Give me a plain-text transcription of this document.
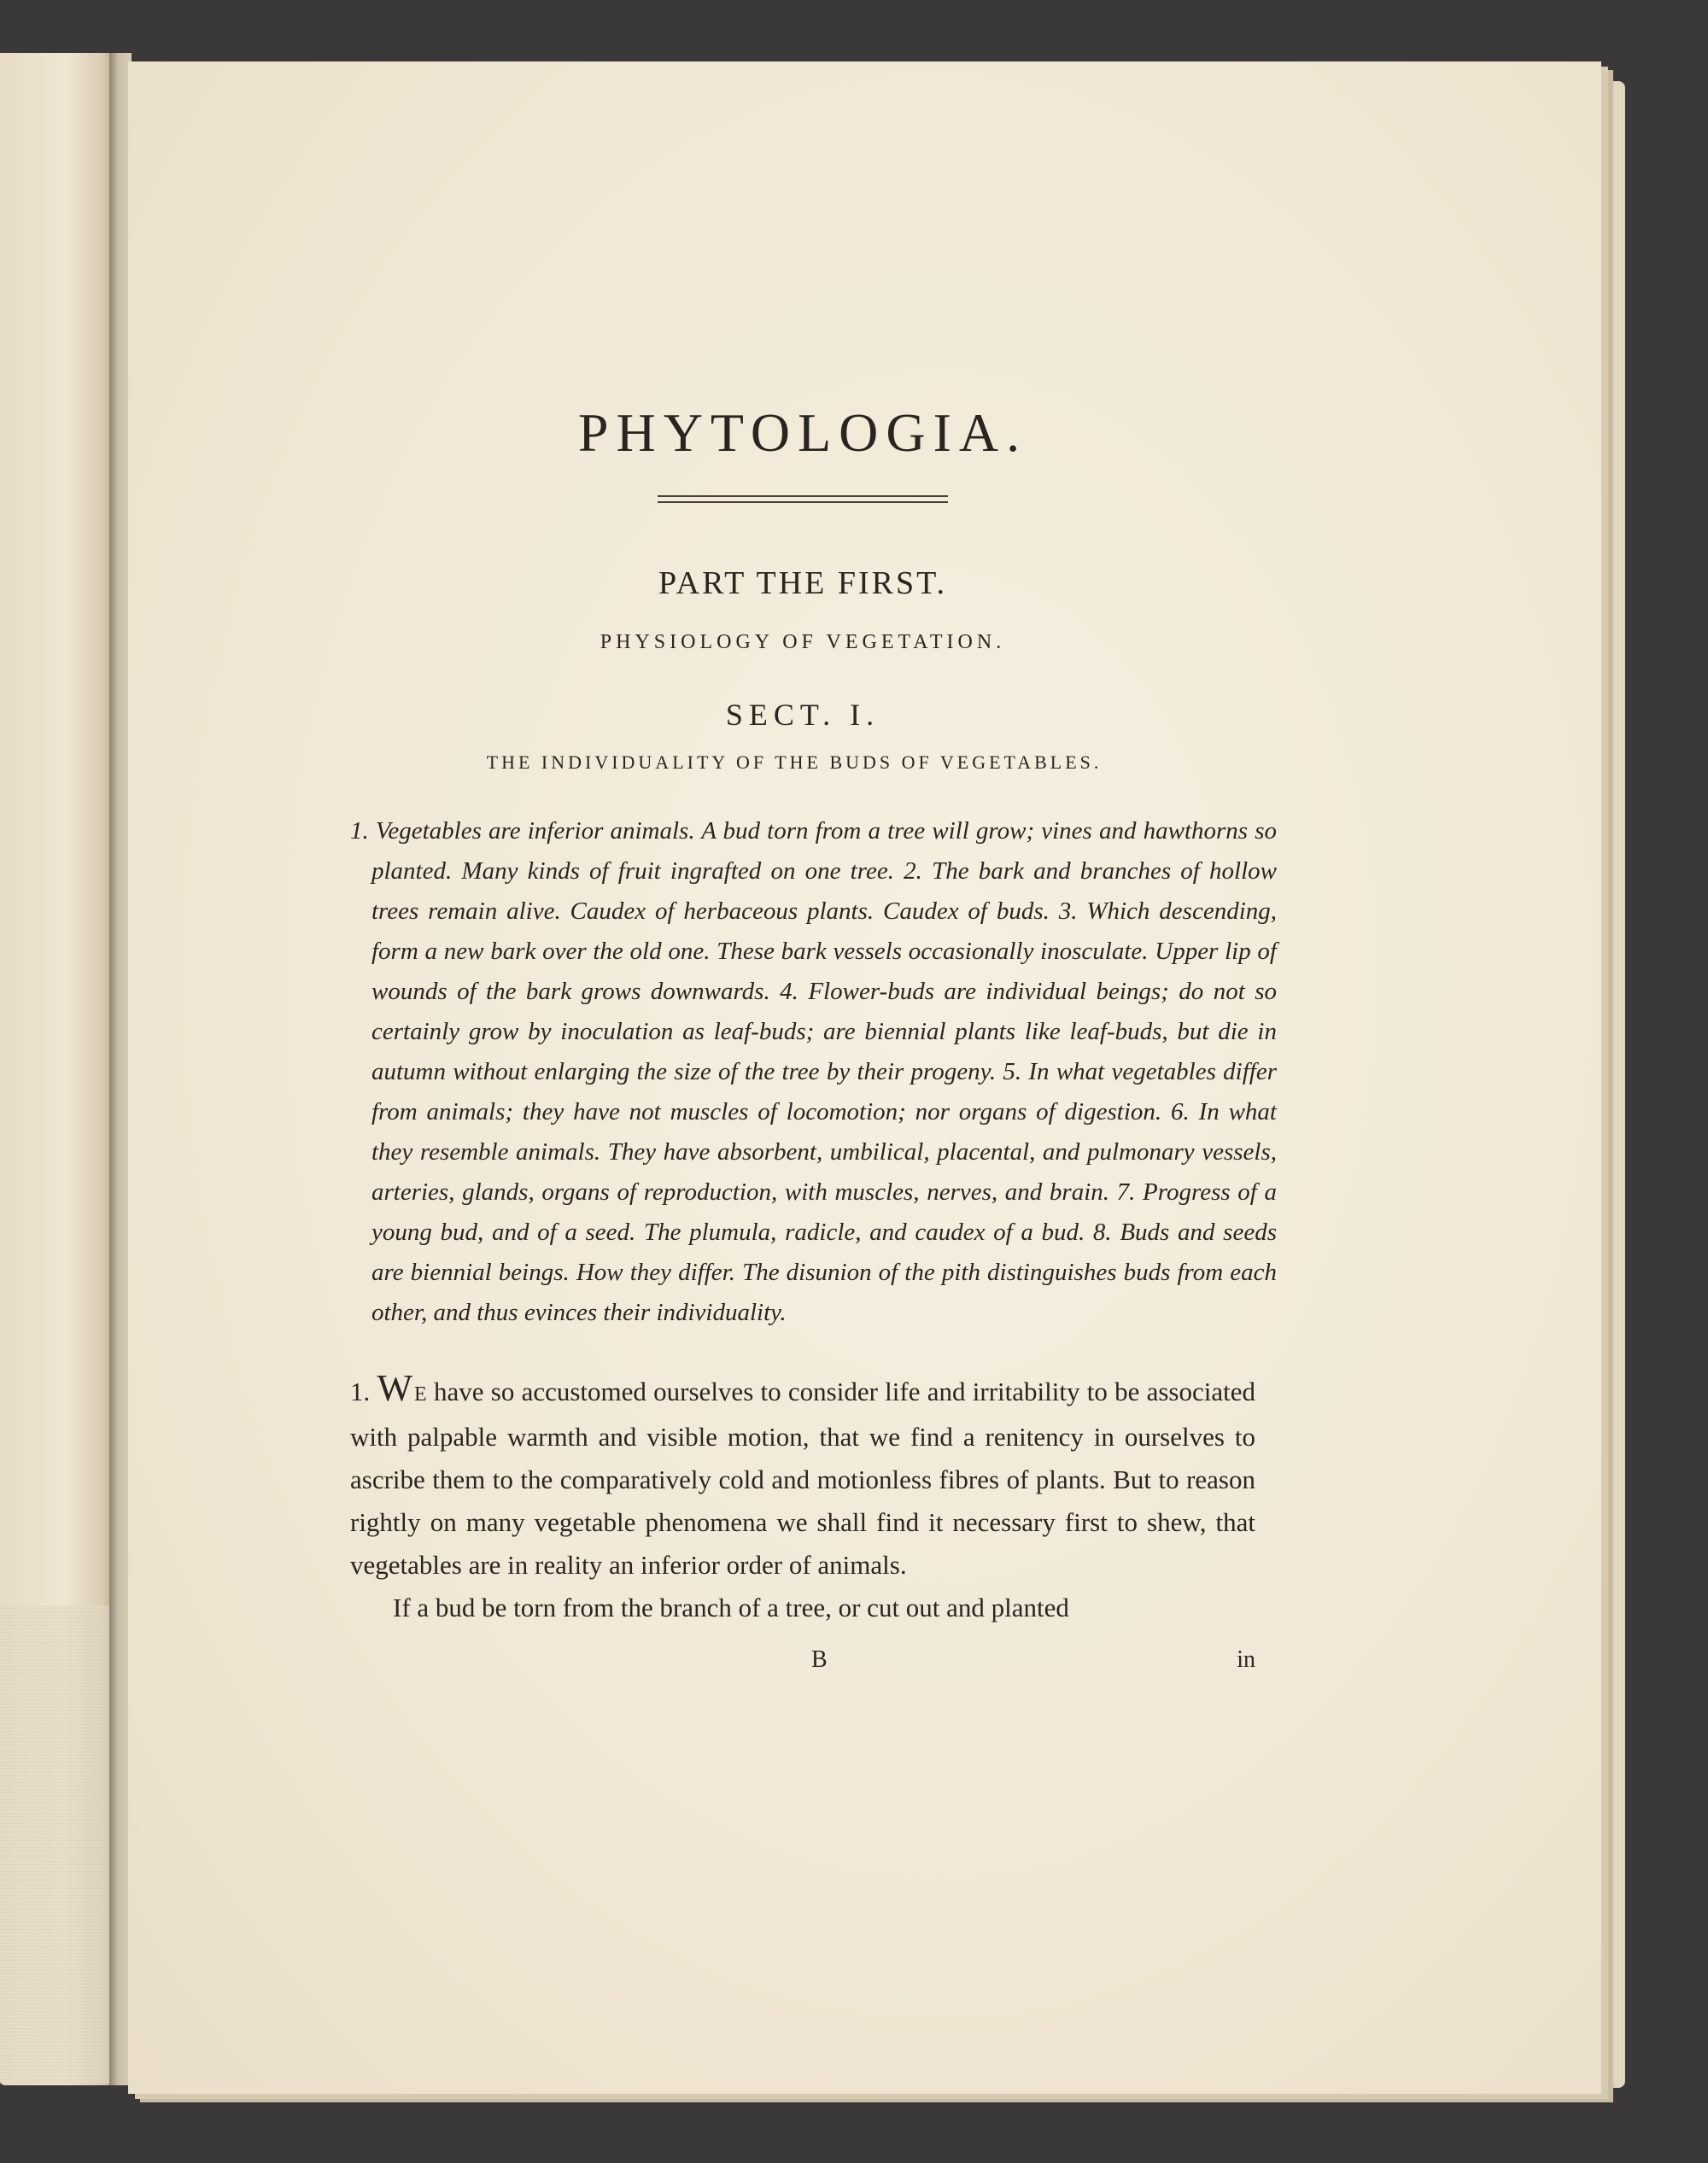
PHYTOLOGIA.
PART THE FIRST.
PHYSIOLOGY OF VEGETATION.
SECT. I.
THE INDIVIDUALITY OF THE BUDS OF VEGETABLES.
1. Vegetables are inferior animals. A bud torn from a tree will grow; vines and hawthorns so planted. Many kinds of fruit ingrafted on one tree. 2. The bark and branches of hollow trees remain alive. Caudex of herbaceous plants. Caudex of buds. 3. Which descending, form a new bark over the old one. These bark vessels occasionally inosculate. Upper lip of wounds of the bark grows downwards. 4. Flower-buds are individual beings; do not so certainly grow by inoculation as leaf-buds; are biennial plants like leaf-buds, but die in autumn without enlarging the size of the tree by their progeny. 5. In what vegetables differ from animals; they have not muscles of locomotion; nor organs of digestion. 6. In what they resemble animals. They have absorbent, umbilical, placental, and pulmonary vessels, arteries, glands, organs of reproduction, with muscles, nerves, and brain. 7. Progress of a young bud, and of a seed. The plumula, radicle, and caudex of a bud. 8. Buds and seeds are biennial beings. How they differ. The disunion of the pith distinguishes buds from each other, and thus evinces their individuality.

1. WE have so accustomed ourselves to consider life and irritability to be associated with palpable warmth and visible motion, that we find a renitency in ourselves to ascribe them to the comparatively cold and motionless fibres of plants. But to reason rightly on many vegetable phenomena we shall find it necessary first to shew, that vegetables are in reality an inferior order of animals.

If a bud be torn from the branch of a tree, or cut out and planted

B	in
